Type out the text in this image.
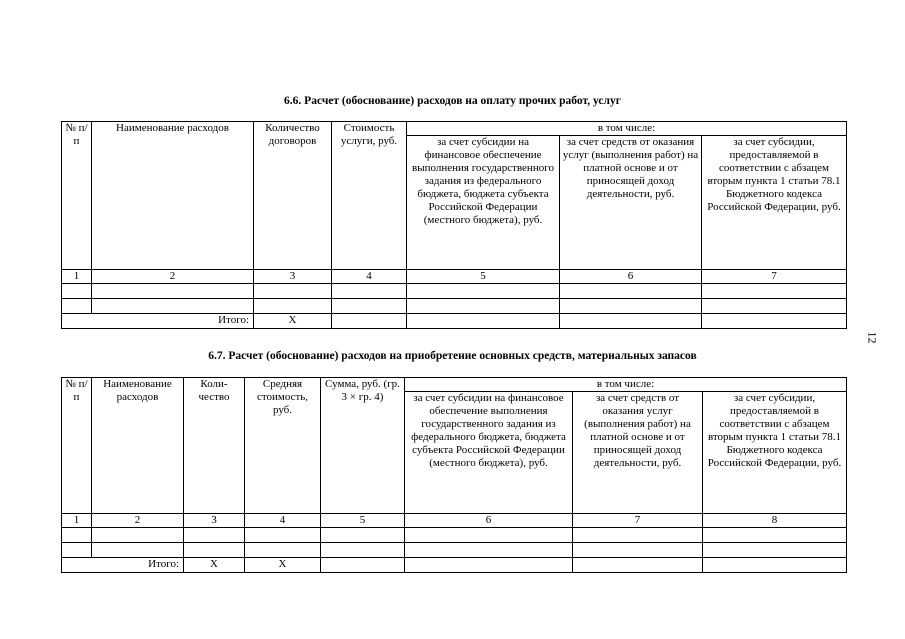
6.6. Расчет (обоснование) расходов на оплату прочих работ, услуг
№ п/п	Наименование расходов	Количество договоров	Стоимость услуги, руб.	в том числе:		
				за счет субсидии на финансовое обеспечение выполнения государственного задания из федерального бюджета, бюджета субъекта Российской Федерации (местного бюджета), руб.	за счет средств от оказания услуг (выполнения работ) на платной основе и от приносящей доход деятельности, руб.	за счет субсидии, предоставляемой в соответствии с абзацем вторым пункта 1 статьи 78.1 Бюджетного кодекса Российской Федерации, руб.
1	2	3	4	5	6	7

Итого:		X				
6.7. Расчет (обоснование) расходов на приобретение основных средств, материальных запасов
№ п/п	Наименование расходов	Коли-чество	Средняя стоимость, руб.	Сумма, руб. (гр. 3 × гр. 4)	в том числе:		
					за счет субсидии на финансовое обеспечение выполнения государственного задания из федерального бюджета, бюджета субъекта Российской Федерации (местного бюджета), руб.	за счет средств от оказания услуг (выполнения работ) на платной основе и от приносящей доход деятельности, руб.	за счет субсидии, предоставляемой в соответствии с абзацем вторым пункта 1 статьи 78.1 Бюджетного кодекса Российской Федерации, руб.
1	2	3	4	5	6	7	8

Итого:		X	X				
12
